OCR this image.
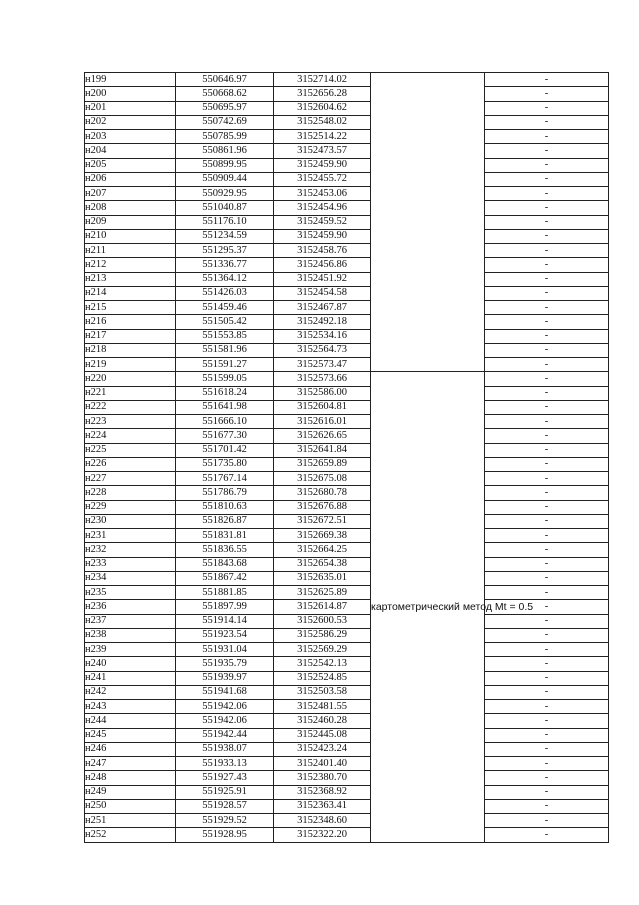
н199	550646.97	3152714.02		-
н200	550668.62	3152656.28		-
н201	550695.97	3152604.62		-
н202	550742.69	3152548.02		-
н203	550785.99	3152514.22		-
н204	550861.96	3152473.57		-
н205	550899.95	3152459.90		-
н206	550909.44	3152455.72		-
н207	550929.95	3152453.06		-
н208	551040.87	3152454.96		-
н209	551176.10	3152459.52		-
н210	551234.59	3152459.90		-
н211	551295.37	3152458.76		-
н212	551336.77	3152456.86		-
н213	551364.12	3152451.92		-
н214	551426.03	3152454.58		-
н215	551459.46	3152467.87		-
н216	551505.42	3152492.18		-
н217	551553.85	3152534.16		-
н218	551581.96	3152564.73		-
н219	551591.27	3152573.47		-
н220	551599.05	3152573.66	картометрический метод Mt = 0.5	-
н221	551618.24	3152586.00		-
н222	551641.98	3152604.81		-
н223	551666.10	3152616.01		-
н224	551677.30	3152626.65		-
н225	551701.42	3152641.84		-
н226	551735.80	3152659.89		-
н227	551767.14	3152675.08		-
н228	551786.79	3152680.78		-
н229	551810.63	3152676.88		-
н230	551826.87	3152672.51		-
н231	551831.81	3152669.38		-
н232	551836.55	3152664.25		-
н233	551843.68	3152654.38		-
н234	551867.42	3152635.01		-
н235	551881.85	3152625.89		-
н236	551897.99	3152614.87		-
н237	551914.14	3152600.53		-
н238	551923.54	3152586.29		-
н239	551931.04	3152569.29		-
н240	551935.79	3152542.13		-
н241	551939.97	3152524.85		-
н242	551941.68	3152503.58		-
н243	551942.06	3152481.55		-
н244	551942.06	3152460.28		-
н245	551942.44	3152445.08		-
н246	551938.07	3152423.24		-
н247	551933.13	3152401.40		-
н248	551927.43	3152380.70		-
н249	551925.91	3152368.92		-
н250	551928.57	3152363.41		-
н251	551929.52	3152348.60		-
н252	551928.95	3152322.20		-
